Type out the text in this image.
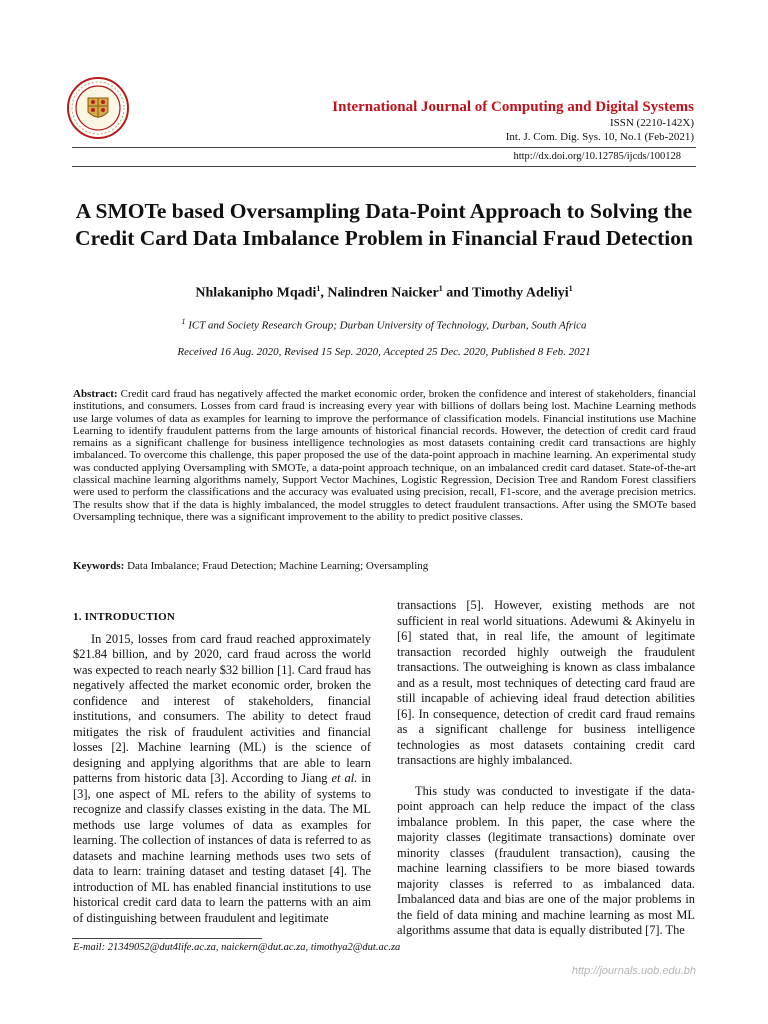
International Journal of Computing and Digital Systems
ISSN (2210-142X)
Int. J. Com. Dig. Sys. 10, No.1 (Feb-2021)
http://dx.doi.org/10.12785/ijcds/100128
A SMOTe based Oversampling Data-Point Approach to Solving the Credit Card Data Imbalance Problem in Financial Fraud Detection
Nhlakanipho Mqadi$^1$, Nalindren Naicker$^1$ and Timothy Adeliyi$^1$
$^1$ ICT and Society Research Group; Durban University of Technology, Durban, South Africa
Received 16 Aug. 2020, Revised 15 Sep. 2020, Accepted 25 Dec. 2020, Published 8 Feb. 2021
Abstract: Credit card fraud has negatively affected the market economic order, broken the confidence and interest of stakeholders, financial institutions, and consumers. Losses from card fraud is increasing every year with billions of dollars being lost. Machine Learning methods use large volumes of data as examples for learning to improve the performance of classification models. Financial institutions use Machine Learning to identify fraudulent patterns from the large amounts of historical financial records. However, the detection of credit card fraud remains as a significant challenge for business intelligence technologies as most datasets containing credit card transactions are highly imbalanced. To overcome this challenge, this paper proposed the use of the data-point approach in machine learning. An experimental study was conducted applying Oversampling with SMOTe, a data-point approach technique, on an imbalanced credit card dataset. State-of-the-art classical machine learning algorithms namely, Support Vector Machines, Logistic Regression, Decision Tree and Random Forest classifiers were used to perform the classifications and the accuracy was evaluated using precision, recall, F1-score, and the average precision metrics. The results show that if the data is highly imbalanced, the model struggles to detect fraudulent transactions. After using the SMOTe based Oversampling technique, there was a significant improvement to the ability to predict positive classes.
Keywords: Data Imbalance; Fraud Detection; Machine Learning; Oversampling
1. INTRODUCTION

In 2015, losses from card fraud reached approximately $21.84 billion, and by 2020, card fraud across the world was expected to reach nearly $32 billion [1]. Card fraud has negatively affected the market economic order, broken the confidence and interest of stakeholders, financial institutions, and consumers. The ability to detect fraud mitigates the risk of fraudulent activities and financial losses [2]. Machine learning (ML) is the science of designing and applying algorithms that are able to learn patterns from historic data [3]. According to Jiang et al. in [3], one aspect of ML refers to the ability of systems to recognize and classify classes existing in the data. The ML methods use large volumes of data as examples for learning. The collection of instances of data is referred to as datasets and machine learning methods uses two sets of data to learn: training dataset and testing dataset [4]. The introduction of ML has enabled financial institutions to use historical credit card data to learn the patterns with an aim of distinguishing between fraudulent and legitimate

transactions [5]. However, existing methods are not sufficient in real world situations. Adewumi & Akinyelu in [6] stated that, in real life, the amount of legitimate transaction recorded highly outweigh the fraudulent transactions. The outweighing is known as class imbalance and as a result, most techniques of detecting card fraud are still incapable of achieving ideal fraud detection abilities [6]. In consequence, detection of credit card fraud remains as a significant challenge for business intelligence technologies as most datasets containing credit card transactions are highly imbalanced.

This study was conducted to investigate if the data-point approach can help reduce the impact of the class imbalance problem. In this paper, the case where the majority classes (legitimate transactions) dominate over minority classes (fraudulent transaction), causing the machine learning classifiers to be more biased towards majority classes is referred to as imbalanced data. Imbalanced data and bias are one of the major problems in the field of data mining and machine learning as most ML algorithms assume that data is equally distributed [7]. The

E-mail: 21349052@dut4life.ac.za, naickern@dut.ac.za, timothya2@dut.ac.za
http://journals.uob.edu.bh
